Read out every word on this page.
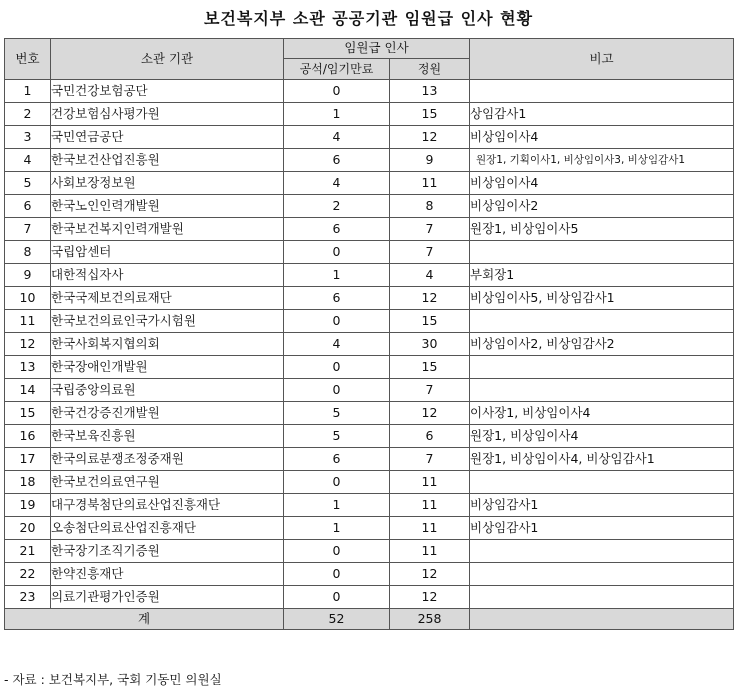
보건복지부 소관 공공기관 임원급 인사 현황
번호	소관 기관	임원급 인사		비고
		공석/임기만료	정원	
1	국민건강보험공단	0	13	
2	건강보험심사평가원	1	15	상임감사1
3	국민연금공단	4	12	비상임이사4
4	한국보건산업진흥원	6	9	원장1, 기획이사1, 비상임이사3, 비상임감사1
5	사회보장정보원	4	11	비상임이사4
6	한국노인인력개발원	2	8	비상임이사2
7	한국보건복지인력개발원	6	7	원장1, 비상임이사5
8	국립암센터	0	7	
9	대한적십자사	1	4	부회장1
10	한국국제보건의료재단	6	12	비상임이사5, 비상임감사1
11	한국보건의료인국가시험원	0	15	
12	한국사회복지협의회	4	30	비상임이사2, 비상임감사2
13	한국장애인개발원	0	15	
14	국립중앙의료원	0	7	
15	한국건강증진개발원	5	12	이사장1, 비상임이사4
16	한국보육진흥원	5	6	원장1, 비상임이사4
17	한국의료분쟁조정중재원	6	7	원장1, 비상임이사4, 비상임감사1
18	한국보건의료연구원	0	11	
19	대구경북첨단의료산업진흥재단	1	11	비상임감사1
20	오송첨단의료산업진흥재단	1	11	비상임감사1
21	한국장기조직기증원	0	11	
22	한약진흥재단	0	12	
23	의료기관평가인증원	0	12	
계		52	258	
- 자료 : 보건복지부, 국회 기동민 의원실
